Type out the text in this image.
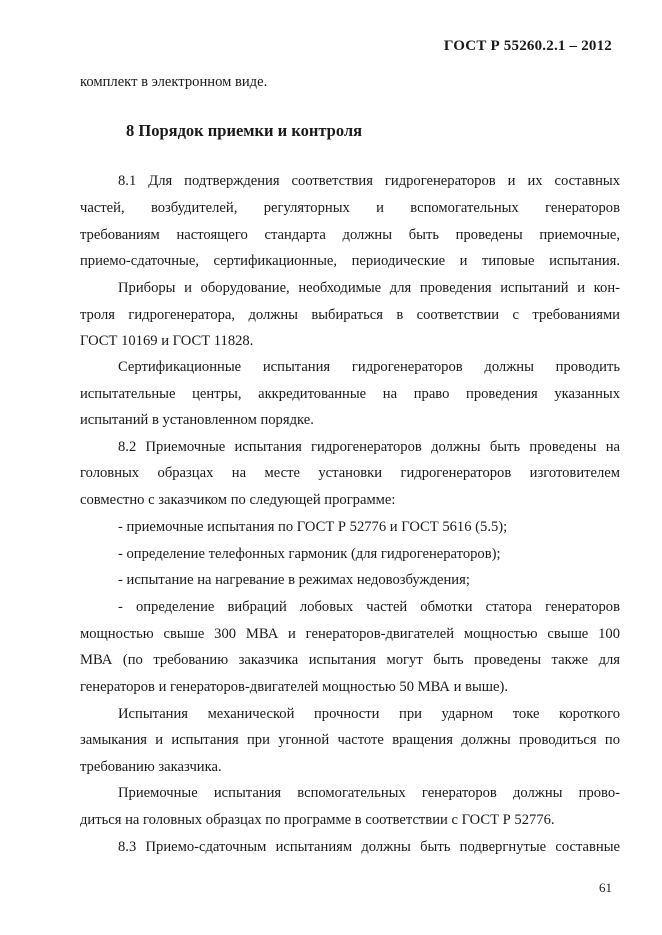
ГОСТ Р 55260.2.1 – 2012
комплект в электронном виде.
8 Порядок приемки и контроля
8.1 Для подтверждения соответствия гидрогенераторов и их составных
частей, возбудителей, регуляторных и вспомогательных генераторов
требованиям настоящего стандарта должны быть проведены приемочные,
приемо-сдаточные, сертификационные, периодические и типовые испытания.
Приборы и оборудование, необходимые для проведения испытаний и кон-
троля гидрогенератора, должны выбираться в соответствии с требованиями
ГОСТ 10169 и ГОСТ 11828.
Сертификационные испытания гидрогенераторов должны проводить
испытательные центры, аккредитованные на право проведения указанных
испытаний в установленном порядке.
8.2 Приемочные испытания гидрогенераторов должны быть проведены на
головных образцах на месте установки гидрогенераторов изготовителем
совместно с заказчиком по следующей программе:
- приемочные испытания по ГОСТ Р 52776 и ГОСТ 5616 (5.5);
- определение телефонных гармоник (для гидрогенераторов);
- испытание на нагревание в режимах недовозбуждения;
- определение вибраций лобовых частей обмотки статора генераторов
мощностью свыше 300 МВА и генераторов-двигателей мощностью свыше 100
МВА (по требованию заказчика испытания могут быть проведены также для
генераторов и генераторов-двигателей мощностью 50 МВА и выше).
Испытания механической прочности при ударном токе короткого
замыкания и испытания при угонной частоте вращения должны проводиться по
требованию заказчика.
Приемочные испытания вспомогательных генераторов должны прово-
диться на головных образцах по программе в соответствии с ГОСТ Р 52776.
8.3 Приемо-сдаточным испытаниям должны быть подвергнутые составные
61
